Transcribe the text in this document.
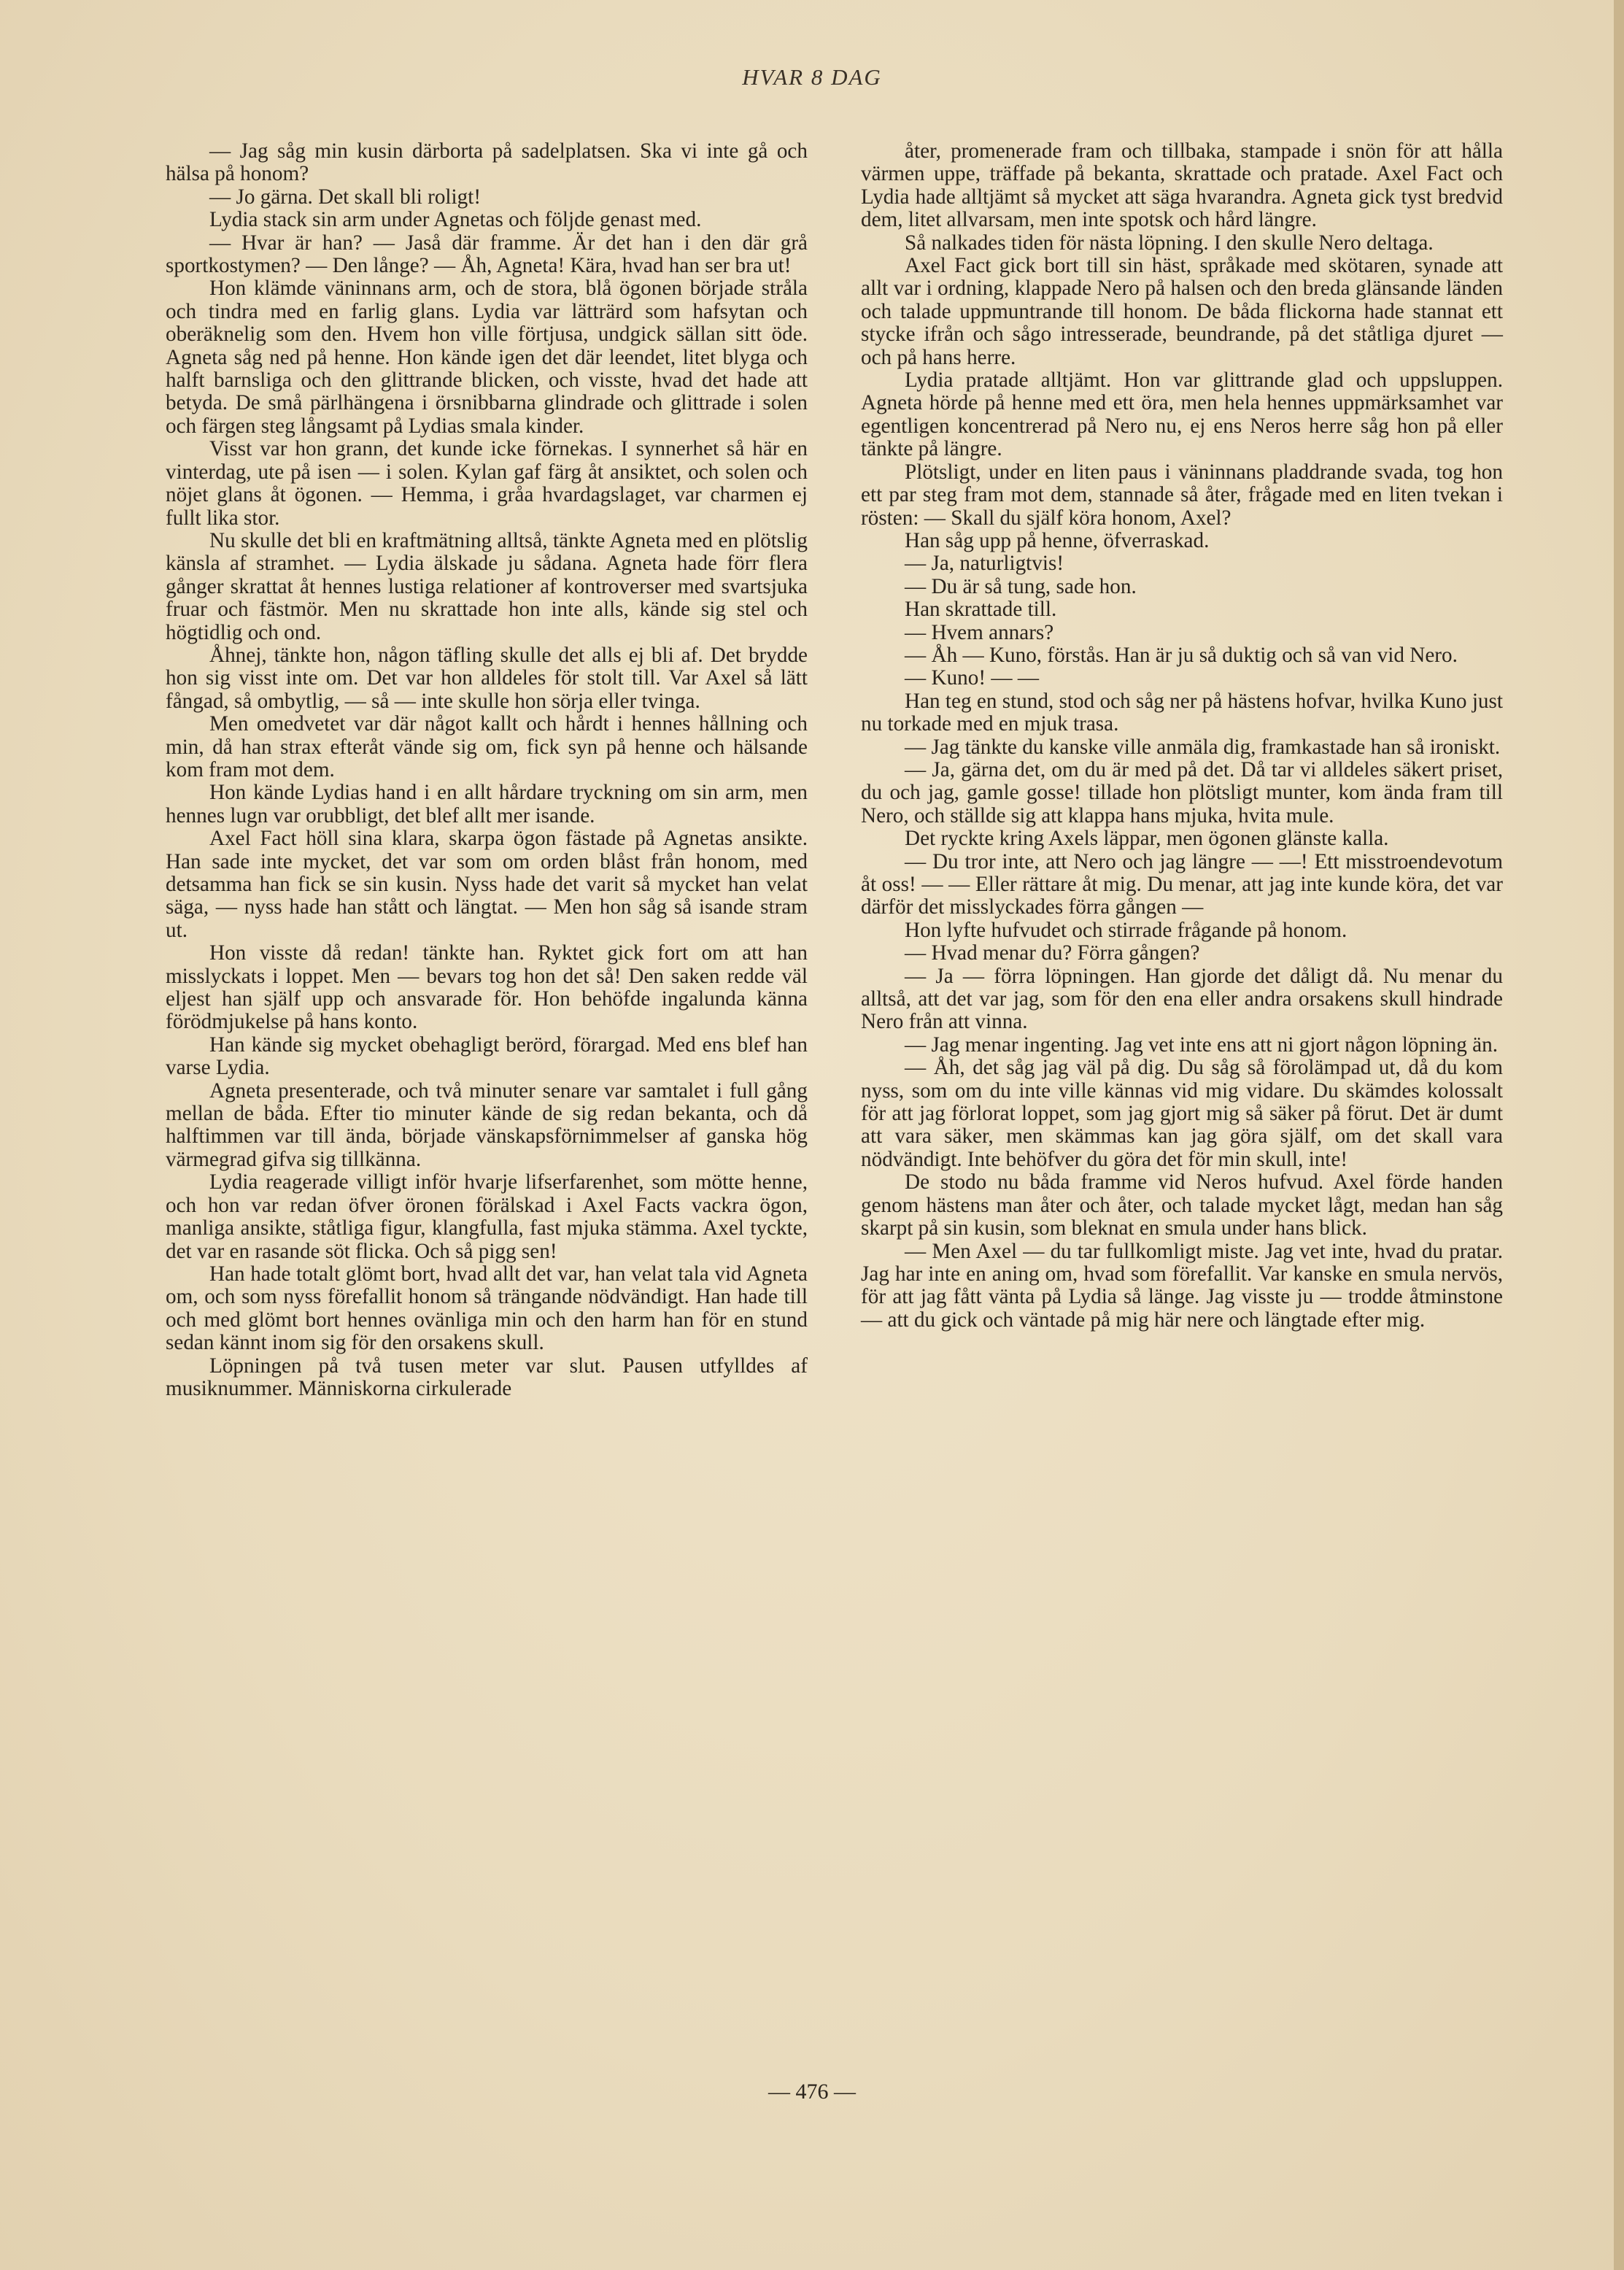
HVAR 8 DAG

— Jag såg min kusin därborta på sadelplatsen. Ska vi inte gå och hälsa på honom?

— Jo gärna. Det skall bli roligt!

Lydia stack sin arm under Agnetas och följde genast med.

— Hvar är han? — Jaså där framme. Är det han i den där grå sportkostymen? — Den långe? — Åh, Agneta! Kära, hvad han ser bra ut!

Hon klämde väninnans arm, och de stora, blå ögonen började stråla och tindra med en farlig glans. Lydia var lätträrd som hafsytan och oberäknelig som den. Hvem hon ville förtjusa, undgick sällan sitt öde. Agneta såg ned på henne. Hon kände igen det där leendet, litet blyga och halft barnsliga och den glittrande blicken, och visste, hvad det hade att betyda. De små pärlhängena i örsnibbarna glindrade och glittrade i solen och färgen steg långsamt på Lydias smala kinder.

Visst var hon grann, det kunde icke förnekas. I synnerhet så här en vinterdag, ute på isen — i solen. Kylan gaf färg åt ansiktet, och solen och nöjet glans åt ögonen. — Hemma, i gråa hvardagslaget, var charmen ej fullt lika stor.

Nu skulle det bli en kraftmätning alltså, tänkte Agneta med en plötslig känsla af stramhet. — Lydia älskade ju sådana. Agneta hade förr flera gånger skrattat åt hennes lustiga relationer af kontroverser med svartsjuka fruar och fästmör. Men nu skrattade hon inte alls, kände sig stel och högtidlig och ond.

Åhnej, tänkte hon, någon täfling skulle det alls ej bli af. Det brydde hon sig visst inte om. Det var hon alldeles för stolt till. Var Axel så lätt fångad, så ombytlig, — så — inte skulle hon sörja eller tvinga.

Men omedvetet var där något kallt och hårdt i hennes hållning och min, då han strax efteråt vände sig om, fick syn på henne och hälsande kom fram mot dem.

Hon kände Lydias hand i en allt hårdare tryckning om sin arm, men hennes lugn var orubbligt, det blef allt mer isande.

Axel Fact höll sina klara, skarpa ögon fästade på Agnetas ansikte. Han sade inte mycket, det var som om orden blåst från honom, med detsamma han fick se sin kusin. Nyss hade det varit så mycket han velat säga, — nyss hade han stått och längtat. — Men hon såg så isande stram ut.

Hon visste då redan! tänkte han. Ryktet gick fort om att han misslyckats i loppet. Men — bevars tog hon det så! Den saken redde väl eljest han själf upp och ansvarade för. Hon behöfde ingalunda känna förödmjukelse på hans konto.

Han kände sig mycket obehagligt berörd, förargad. Med ens blef han varse Lydia.

Agneta presenterade, och två minuter senare var samtalet i full gång mellan de båda. Efter tio minuter kände de sig redan bekanta, och då halftimmen var till ända, började vänskapsförnimmelser af ganska hög värmegrad gifva sig tillkänna.

Lydia reagerade villigt inför hvarje lifserfarenhet, som mötte henne, och hon var redan öfver öronen förälskad i Axel Facts vackra ögon, manliga ansikte, ståtliga figur, klangfulla, fast mjuka stämma. Axel tyckte, det var en rasande söt flicka. Och så pigg sen!

Han hade totalt glömt bort, hvad allt det var, han velat tala vid Agneta om, och som nyss förefallit honom så trängande nödvändigt. Han hade till och med glömt bort hennes ovänliga min och den harm han för en stund sedan kännt inom sig för den orsakens skull.

Löpningen på två tusen meter var slut. Pausen utfylldes af musiknummer. Människorna cirkulerade

åter, promenerade fram och tillbaka, stampade i snön för att hålla värmen uppe, träffade på bekanta, skrattade och pratade. Axel Fact och Lydia hade alltjämt så mycket att säga hvarandra. Agneta gick tyst bredvid dem, litet allvarsam, men inte spotsk och hård längre.

Så nalkades tiden för nästa löpning. I den skulle Nero deltaga.

Axel Fact gick bort till sin häst, språkade med skötaren, synade att allt var i ordning, klappade Nero på halsen och den breda glänsande länden och talade uppmuntrande till honom. De båda flickorna hade stannat ett stycke ifrån och sågo intresserade, beundrande, på det ståtliga djuret — och på hans herre.

Lydia pratade alltjämt. Hon var glittrande glad och uppsluppen. Agneta hörde på henne med ett öra, men hela hennes uppmärksamhet var egentligen koncentrerad på Nero nu, ej ens Neros herre såg hon på eller tänkte på längre.

Plötsligt, under en liten paus i väninnans pladdrande svada, tog hon ett par steg fram mot dem, stannade så åter, frågade med en liten tvekan i rösten: — Skall du själf köra honom, Axel?

Han såg upp på henne, öfverraskad.

— Ja, naturligtvis!

— Du är så tung, sade hon.

Han skrattade till.

— Hvem annars?

— Åh — Kuno, förstås. Han är ju så duktig och så van vid Nero.

— Kuno! — —

Han teg en stund, stod och såg ner på hästens hofvar, hvilka Kuno just nu torkade med en mjuk trasa.

— Jag tänkte du kanske ville anmäla dig, framkastade han så ironiskt.

— Ja, gärna det, om du är med på det. Då tar vi alldeles säkert priset, du och jag, gamle gosse! tillade hon plötsligt munter, kom ända fram till Nero, och ställde sig att klappa hans mjuka, hvita mule.

Det ryckte kring Axels läppar, men ögonen glänste kalla.

— Du tror inte, att Nero och jag längre — —! Ett misstroendevotum åt oss! — — Eller rättare åt mig. Du menar, att jag inte kunde köra, det var därför det misslyckades förra gången —

Hon lyfte hufvudet och stirrade frågande på honom.

— Hvad menar du? Förra gången?

— Ja — förra löpningen. Han gjorde det dåligt då. Nu menar du alltså, att det var jag, som för den ena eller andra orsakens skull hindrade Nero från att vinna.

— Jag menar ingenting. Jag vet inte ens att ni gjort någon löpning än.

— Åh, det såg jag väl på dig. Du såg så förolämpad ut, då du kom nyss, som om du inte ville kännas vid mig vidare. Du skämdes kolossalt för att jag förlorat loppet, som jag gjort mig så säker på förut. Det är dumt att vara säker, men skämmas kan jag göra själf, om det skall vara nödvändigt. Inte behöfver du göra det för min skull, inte!

De stodo nu båda framme vid Neros hufvud. Axel förde handen genom hästens man åter och åter, och talade mycket lågt, medan han såg skarpt på sin kusin, som bleknat en smula under hans blick.

— Men Axel — du tar fullkomligt miste. Jag vet inte, hvad du pratar. Jag har inte en aning om, hvad som förefallit. Var kanske en smula nervös, för att jag fått vänta på Lydia så länge. Jag visste ju — trodde åtminstone — att du gick och väntade på mig här nere och längtade efter mig.

— 476 —
